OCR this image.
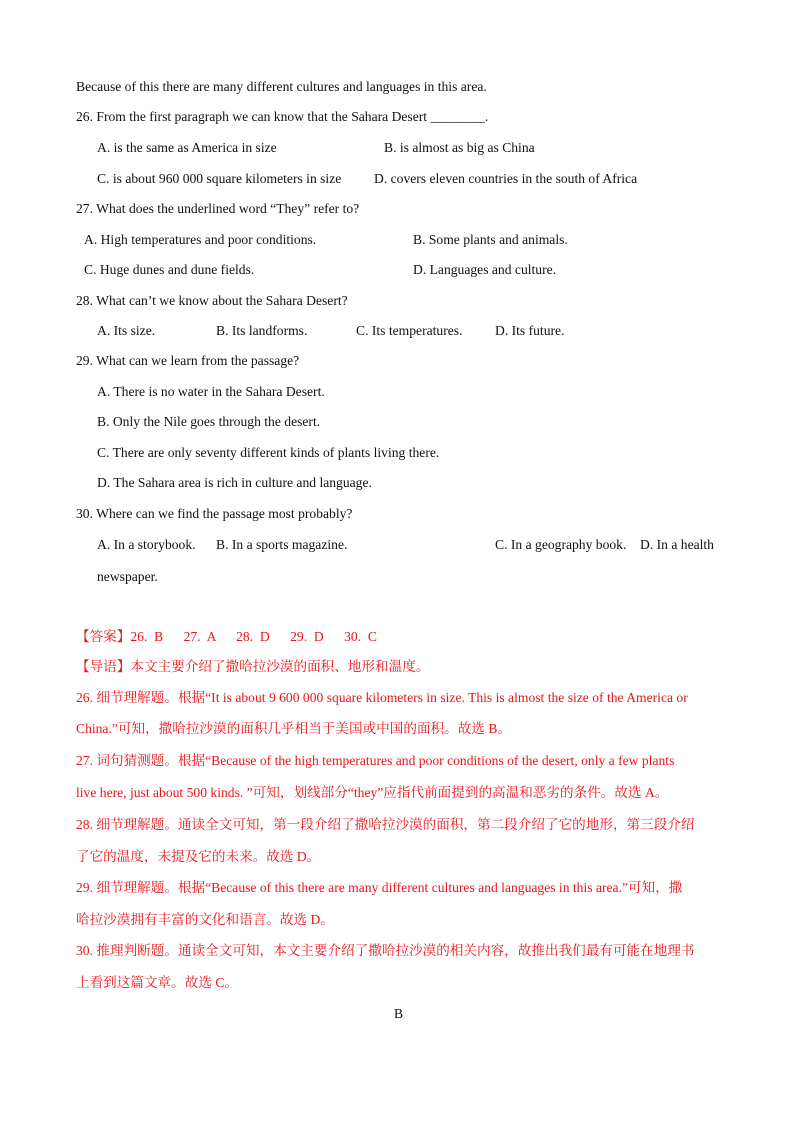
Because of this there are many different cultures and languages in this area.
26. From the first paragraph we can know that the Sahara Desert ________.
A. is the same as America in size	B. is almost as big as China
C. is about 960 000 square kilometers in size D. covers eleven countries in the south of Africa
27. What does the underlined word “They” refer to?
A. High temperatures and poor conditions.	B. Some plants and animals.
C. Huge dunes and dune fields.	D. Languages and culture.
28. What can’t we know about the Sahara Desert?
A. Its size.	B. Its landforms.	C. Its temperatures. D. Its future.
29. What can we learn from the passage?
A. There is no water in the Sahara Desert.
B. Only the Nile goes through the desert.
C. There are only seventy different kinds of plants living there.
D. The Sahara area is rich in culture and language.
30. Where can we find the passage most probably?
A. In a storybook. B. In a sports magazine.	C. In a geography book. D. In a health
newspaper.
【答案】26.  B      27.  A      28.  D      29.  D      30.  C
【导语】本文主要介绍了撒哈拉沙漠的面积、地形和温度。
26. 细节理解题。根据“It is about 9 600 000 square kilometers in size. This is almost the size of the America or
China.”可知，撒哈拉沙漠的面积几乎相当于美国或中国的面积。故选 B。
27. 词句猜测题。根据“Because of the high temperatures and poor conditions of the desert, only a few plants
live here, just about 500 kinds. ”可知，划线部分“they”应指代前面提到的高温和恶劣的条件。故选 A。
28. 细节理解题。通读全文可知，第一段介绍了撒哈拉沙漠的面积，第二段介绍了它的地形，第三段介绍
了它的温度，未提及它的未来。故选 D。
29. 细节理解题。根据“Because of this there are many different cultures and languages in this area.”可知，撒
哈拉沙漠拥有丰富的文化和语言。故选 D。
30. 推理判断题。通读全文可知，本文主要介绍了撒哈拉沙漠的相关内容，故推出我们最有可能在地理书
上看到这篇文章。故选 C。
B
